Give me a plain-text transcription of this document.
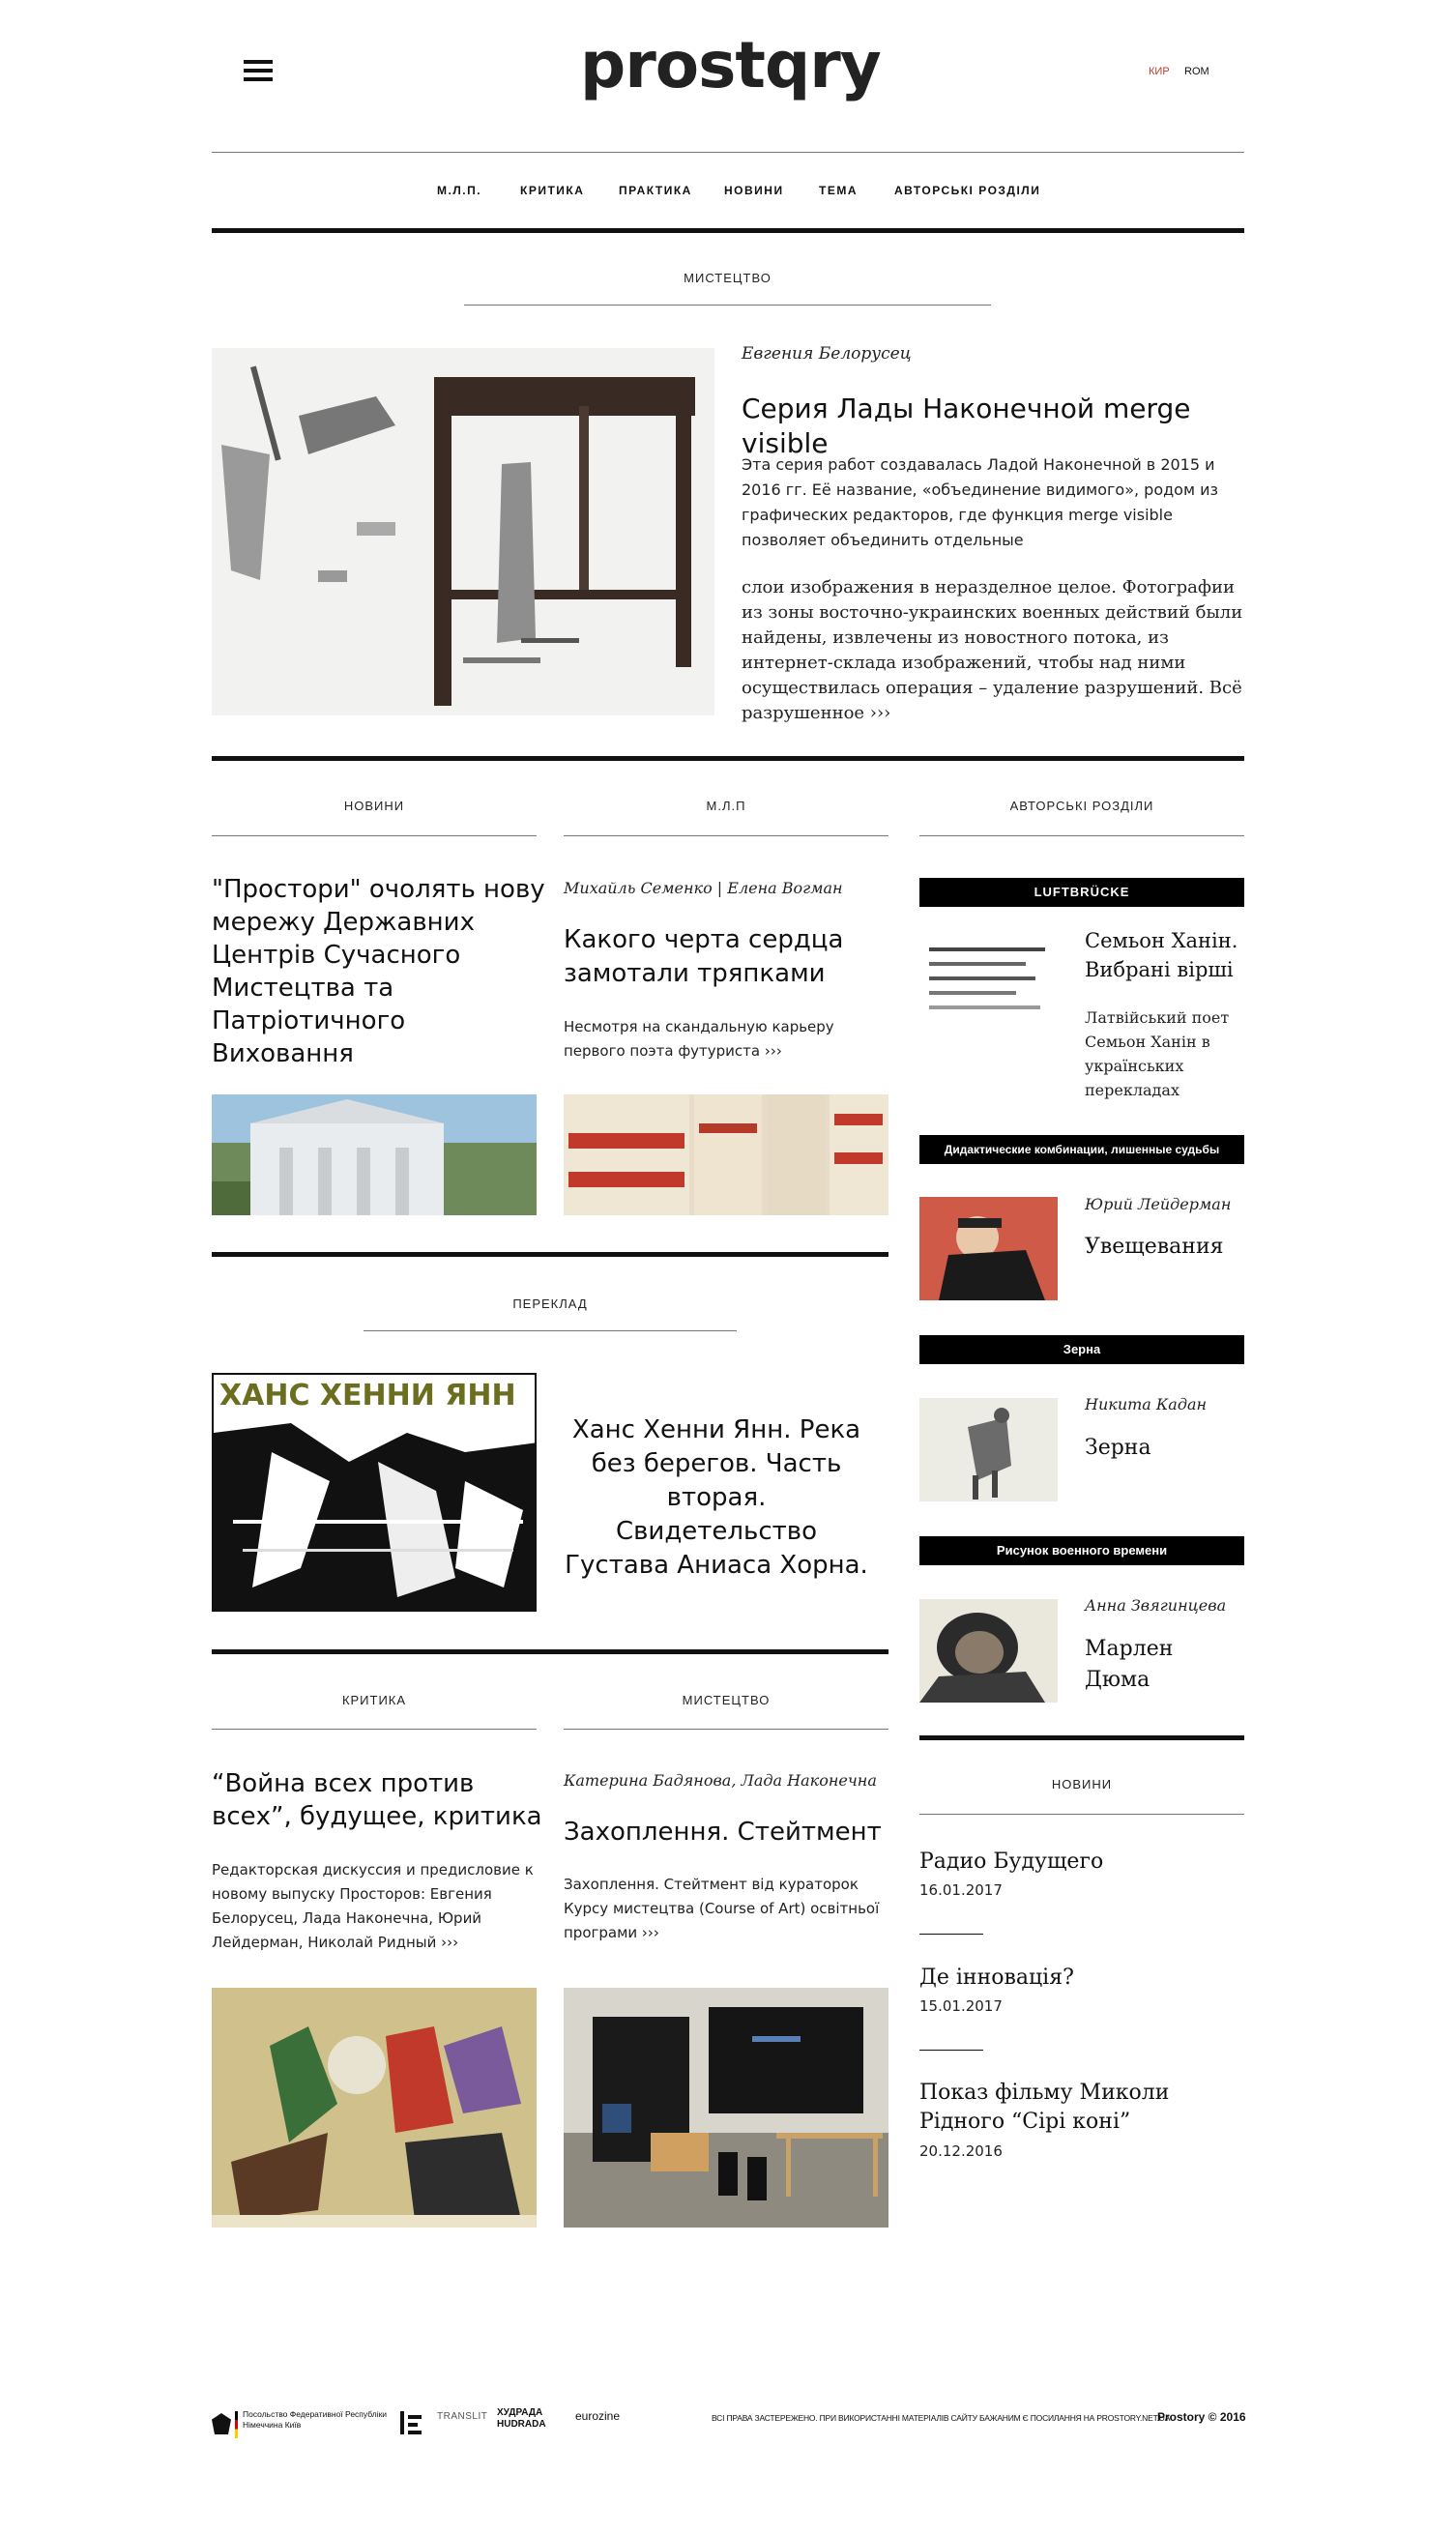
prostqry	КИР ROM
М.Л.П.	КРИТИКА	ПРАКТИКА	НОВИНИ	ТЕМА	АВТОРСЬКІ РОЗДІЛИ
МИСТЕЦТВО
Евгения Белорусец
Серия Лады Наконечной merge visible
Эта серия работ создавалась Ладой Наконечной в 2015 и 2016 гг. Её название, «объединение видимого», родом из графических редакторов, где функция merge visible позволяет объединить отдельные
слои изображения в неразделное целое. Фотографии из зоны восточно-украинских военных действий были найдены, извлечены из новостного потока, из интернет-склада изображений, чтобы над ними осуществилась операция – удаление разрушений. Всё разрушенное ›››
НОВИНИ	М.Л.П	АВТОРСЬКІ РОЗДІЛИ
"Простори" очолять нову мережу Державних Центрів Сучасного Мистецтва та Патріотичного Виховання
Михайль Семенко | Елена Вогман
Какого черта сердца замотали тряпками
Несмотря на скандальную карьеру первого поэта футуриста ›››
ПЕРЕКЛАД
ХАНС ХЕННИ ЯНН
Ханс Хенни Янн. Река без берегов. Часть вторая. Свидетельство Густава Аниаса Хорна.
КРИТИКА	МИСТЕЦТВО
“Война всех против всех”, будущее, критика
Редакторская дискуссия и предисловие к новому выпуску Просторов: Евгения Белорусец, Лада Наконечна, Юрий Лейдерман, Николай Ридный ›››
Катерина Бадянова, Лада Наконечна
Захоплення. Стейтмент
Захоплення. Стейтмент від кураторок Курсу мистецтва (Course of Art) освітньої програми ›››
LUFTBRÜCKE
Семьон Ханін. Вибрані вірші
Латвійський поет Семьон Ханін в українських перекладах
Дидактические комбинации, лишенные судьбы
Юрий Лейдерман
Увещевания
Зерна
Никита Кадан
Зерна
Рисунок военного времени
Анна Звягинцева
Марлен Дюма
НОВИНИ
Радио Будущего
16.01.2017
Де інновація?
15.01.2017
Показ фільму Миколи Рідного “Сірі коні”
20.12.2016
Посольство Федеративної Республіки Німеччина Київ
TRANSLIT ХУДРАДА HUDRADA
eurozine	ВСІ ПРАВА ЗАСТЕРЕЖЕНО. ПРИ ВИКОРИСТАННІ МАТЕРІАЛІВ САЙТУ БАЖАНИМ Є ПОСИЛАННЯ НА PROSTORY.NET.UA
Prostory © 2016
